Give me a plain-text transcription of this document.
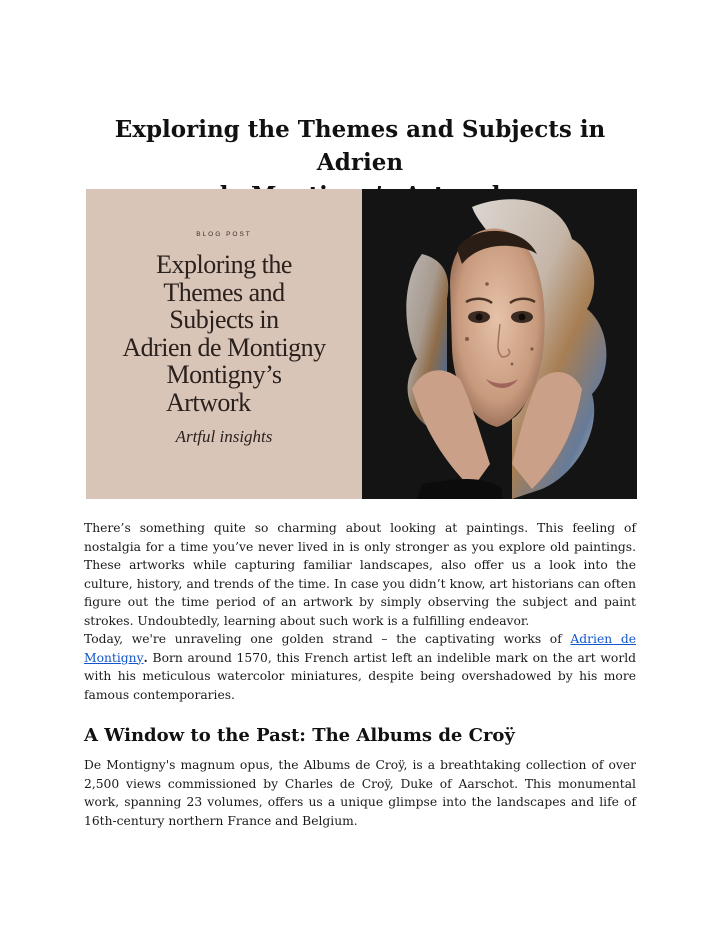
Exploring the Themes and Subjects in Adrien
BLOG POST
Exploring the
Themes and
Subjects in
Adrien de Montigny
Montigny’s
Artwork
Artful insights

There’s something quite so charming about looking at paintings. This feeling of nostalgia for a time you’ve never lived in is only stronger as you explore old paintings. These artworks while capturing familiar landscapes, also offer us a look into the culture, history, and trends of the time. In case you didn’t know, art historians can often figure out the time period of an artwork by simply observing the subject and paint strokes. Undoubtedly, learning about such work is a fulfilling endeavor.

Today, we're unraveling one golden strand – the captivating works of Adrien de Montigny. Born around 1570, this French artist left an indelible mark on the art world with his meticulous watercolor miniatures, despite being overshadowed by his more famous contemporaries.

A Window to the Past: The Albums de Croÿ

De Montigny's magnum opus, the Albums de Croÿ, is a breathtaking collection of over 2,500 views commissioned by Charles de Croÿ, Duke of Aarschot. This monumental work, spanning 23 volumes, offers us a unique glimpse into the landscapes and life of 16th-century northern France and Belgium.
